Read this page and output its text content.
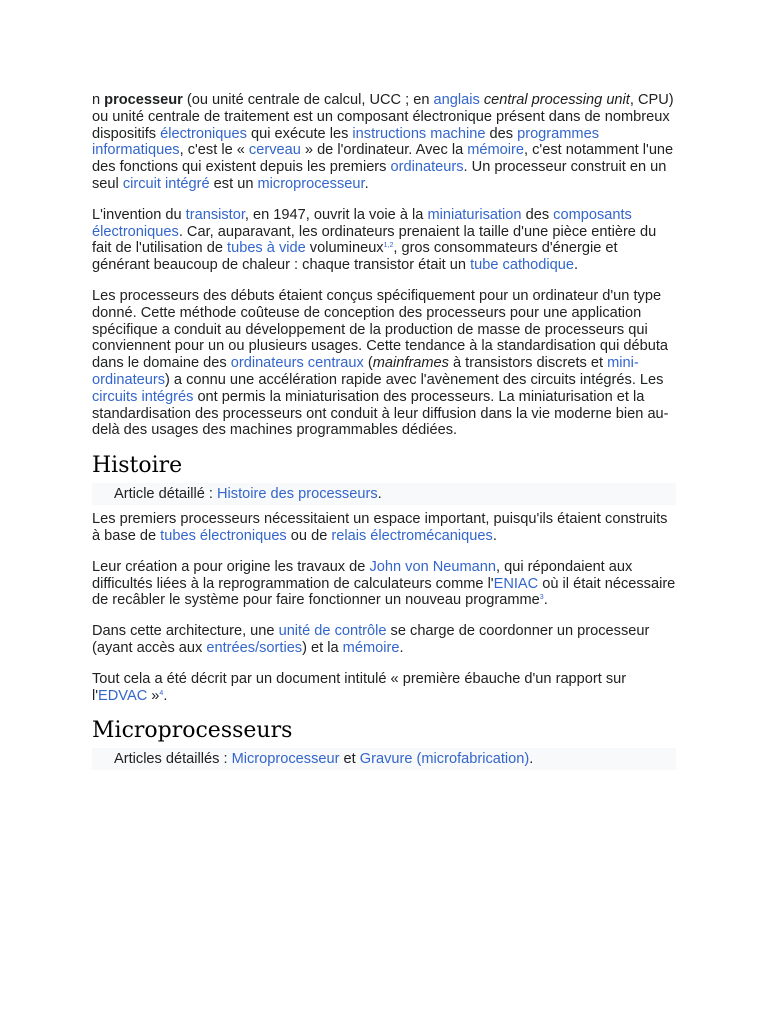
n processeur (ou unité centrale de calcul, UCC ; en anglais central processing unit, CPU) ou unité centrale de traitement est un composant électronique présent dans de nombreux dispositifs électroniques qui exécute les instructions machine des programmes informatiques, c'est le « cerveau » de l'ordinateur. Avec la mémoire, c'est notamment l'une des fonctions qui existent depuis les premiers ordinateurs. Un processeur construit en un seul circuit intégré est un microprocesseur.

L'invention du transistor, en 1947, ouvrit la voie à la miniaturisation des composants électroniques. Car, auparavant, les ordinateurs prenaient la taille d'une pièce entière du fait de l'utilisation de tubes à vide volumineux$^{1,2}$, gros consommateurs d'énergie et générant beaucoup de chaleur : chaque transistor était un tube cathodique.

Les processeurs des débuts étaient conçus spécifiquement pour un ordinateur d'un type donné. Cette méthode coûteuse de conception des processeurs pour une application spécifique a conduit au développement de la production de masse de processeurs qui conviennent pour un ou plusieurs usages. Cette tendance à la standardisation qui débuta dans le domaine des ordinateurs centraux (mainframes à transistors discrets et mini-ordinateurs) a connu une accélération rapide avec l'avènement des circuits intégrés. Les circuits intégrés ont permis la miniaturisation des processeurs. La miniaturisation et la standardisation des processeurs ont conduit à leur diffusion dans la vie moderne bien au-delà des usages des machines programmables dédiées.

Histoire
Article détaillé : Histoire des processeurs.

Les premiers processeurs nécessitaient un espace important, puisqu'ils étaient construits à base de tubes électroniques ou de relais électromécaniques.

Leur création a pour origine les travaux de John von Neumann, qui répondaient aux difficultés liées à la reprogrammation de calculateurs comme l'ENIAC où il était nécessaire de recâbler le système pour faire fonctionner un nouveau programme$^3$.

Dans cette architecture, une unité de contrôle se charge de coordonner un processeur (ayant accès aux entrées/sorties) et la mémoire.

Tout cela a été décrit par un document intitulé « première ébauche d'un rapport sur l'EDVAC »$^4$.

Microprocesseurs
Articles détaillés : Microprocesseur et Gravure (microfabrication).
